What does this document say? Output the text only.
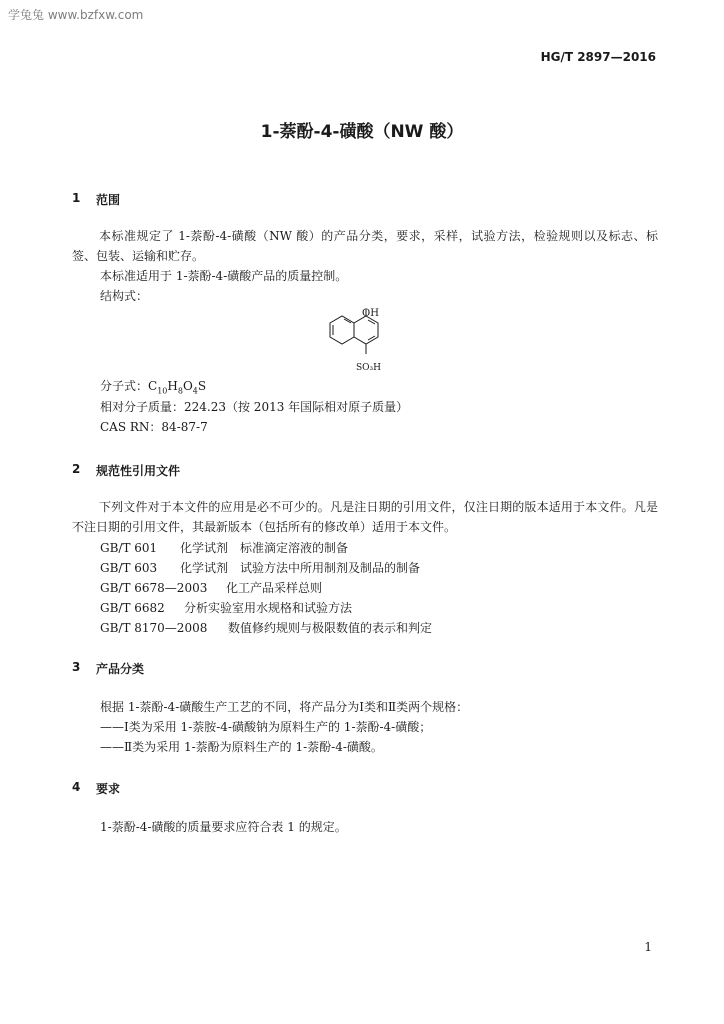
学兔兔 www.bzfxw.com
HG/T 2897—2016
1-萘酚-4-磺酸（NW 酸）
1 范围
本标准规定了 1-萘酚-4-磺酸（NW 酸）的产品分类，要求，采样，试验方法，检验规则以及标志、标签、包装、运输和贮存。
本标准适用于 1-萘酚-4-磺酸产品的质量控制。
结构式：
OH
SO₃H
分子式：$C_{10}H_8O_4S$
相对分子质量：224.23（按 2013 年国际相对原子质量）
CAS RN：84-87-7
2 规范性引用文件
下列文件对于本文件的应用是必不可少的。凡是注日期的引用文件，仅注日期的版本适用于本文件。凡是不注日期的引用文件，其最新版本（包括所有的修改单）适用于本文件。
GB/T 601 化学试剂　标准滴定溶液的制备
GB/T 603 化学试剂　试验方法中所用制剂及制品的制备
GB/T 6678—2003 化工产品采样总则
GB/T 6682 分析实验室用水规格和试验方法
GB/T 8170—2008 数值修约规则与极限数值的表示和判定
3 产品分类
根据 1-萘酚-4-磺酸生产工艺的不同，将产品分为Ⅰ类和Ⅱ类两个规格：
——Ⅰ类为采用 1-萘胺-4-磺酸钠为原料生产的 1-萘酚-4-磺酸；
——Ⅱ类为采用 1-萘酚为原料生产的 1-萘酚-4-磺酸。
4 要求
1-萘酚-4-磺酸的质量要求应符合表 1 的规定。
1
